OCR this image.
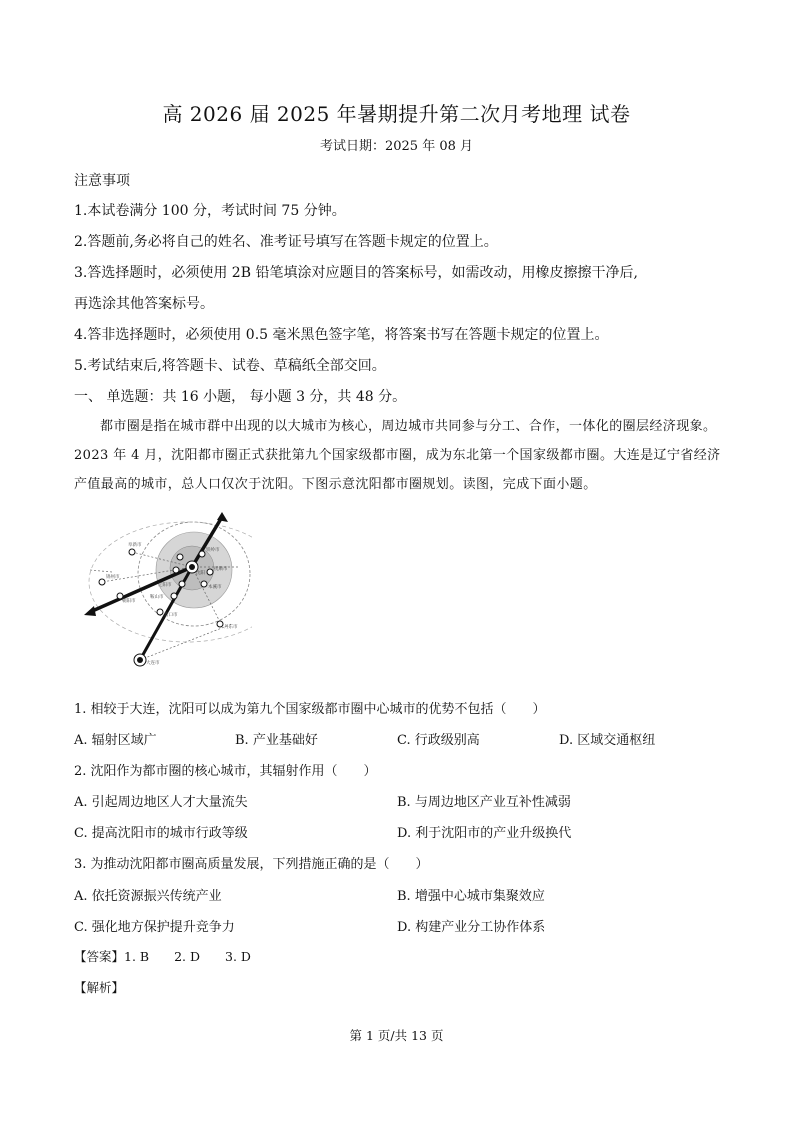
高 2026 届 2025 年暑期提升第二次月考地理 试卷
考试日期：2025 年 08 月
注意事项
1.本试卷满分 100 分，考试时间 75 分钟。
2.答题前,务必将自己的姓名、准考证号填写在答题卡规定的位置上。
3.答选择题时，必须使用 2B 铅笔填涂对应题目的答案标号，如需改动，用橡皮擦擦干净后,
再选涂其他答案标号。
4.答非选择题时，必须使用 0.5 毫米黑色签字笔，将答案书写在答题卡规定的位置上。
5.考试结束后,将答题卡、试卷、草稿纸全部交回。
一、 单选题：共 16 小题， 每小题 3 分，共 48 分。
都市圈是指在城市群中出现的以大城市为核心，周边城市共同参与分工、合作，一体化的圈层经济现象。2023 年 4 月，沈阳都市圈正式获批第九个国家级都市圈，成为东北第一个国家级都市圈。大连是辽宁省经济产值最高的城市，总人口仅次于沈阳。下图示意沈阳都市圈规划。读图，完成下面小题。
沈阳
阜新市
铁岭市
抚顺市
本溪市
辽阳市
鞍山市
营口市
丹东市
大连市
锦州市
朝阳市
1. 相较于大连，沈阳可以成为第九个国家级都市圈中心城市的优势不包括（　　）
A. 辐射区域广	B. 产业基础好	C. 行政级别高	D. 区域交通枢纽
2. 沈阳作为都市圈的核心城市，其辐射作用（　　）
A. 引起周边地区人才大量流失	B. 与周边地区产业互补性减弱
C. 提高沈阳市的城市行政等级	D. 利于沈阳市的产业升级换代
3. 为推动沈阳都市圈高质量发展，下列措施正确的是（　　）
A. 依托资源振兴传统产业	B. 增强中心城市集聚效应
C. 强化地方保护提升竞争力	D. 构建产业分工协作体系
【答案】1. B　　2. D　　3. D
【解析】
第 1 页/共 13 页
